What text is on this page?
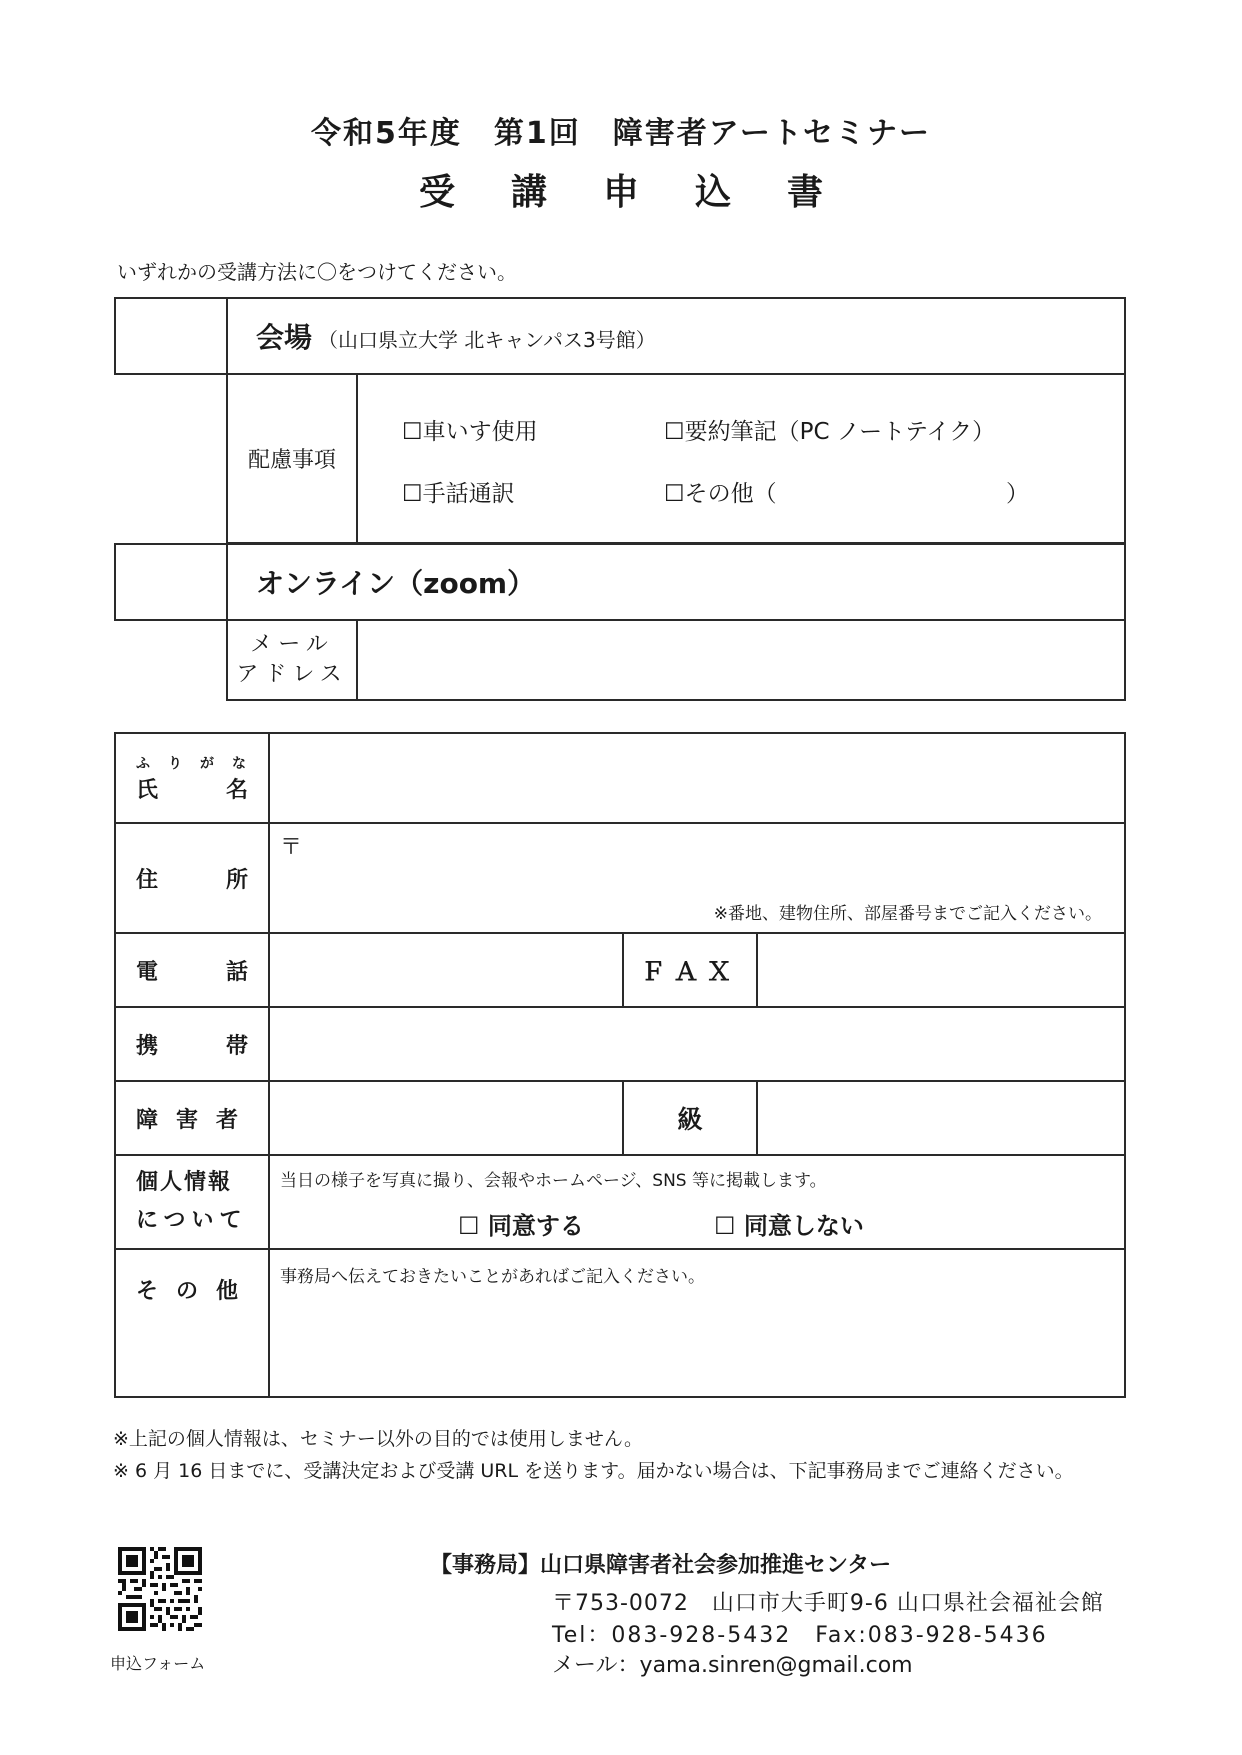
令和5年度　第1回　障害者アートセミナー
受講申込書
いずれかの受講方法に〇をつけてください。
	会場 （山口県立大学 北キャンパス3号館）	
	配慮事項	☐車いす使用 ☐要約筆記（PC ノートテイク）
☐手話通訳 ☐その他（ ）
	オンライン（zoom）	
	メール
アドレス	
ふりがな
氏 名			

住 所	〒
※番地、建物住所、部屋番号までご記入ください。		

電 話		ＦＡＸ	

携 帯			

障害者		級	
個人情報
について	当日の様子を写真に撮り、会報やホームページ、SNS 等に掲載します。
☐ 同意する ☐ 同意しない		

その他	事務局へ伝えておきたいことがあればご記入ください。		
※上記の個人情報は、セミナー以外の目的では使用しません。
※ 6 月 16 日までに、受講決定および受講 URL を送ります。届かない場合は、下記事務局までご連絡ください。
申込フォーム
【事務局】山口県障害者社会参加推進センター
〒753-0072　山口市大手町9-6 山口県社会福祉会館
Tel：083-928-5432　Fax:083-928-5436
メール：yama.sinren@gmail.com
